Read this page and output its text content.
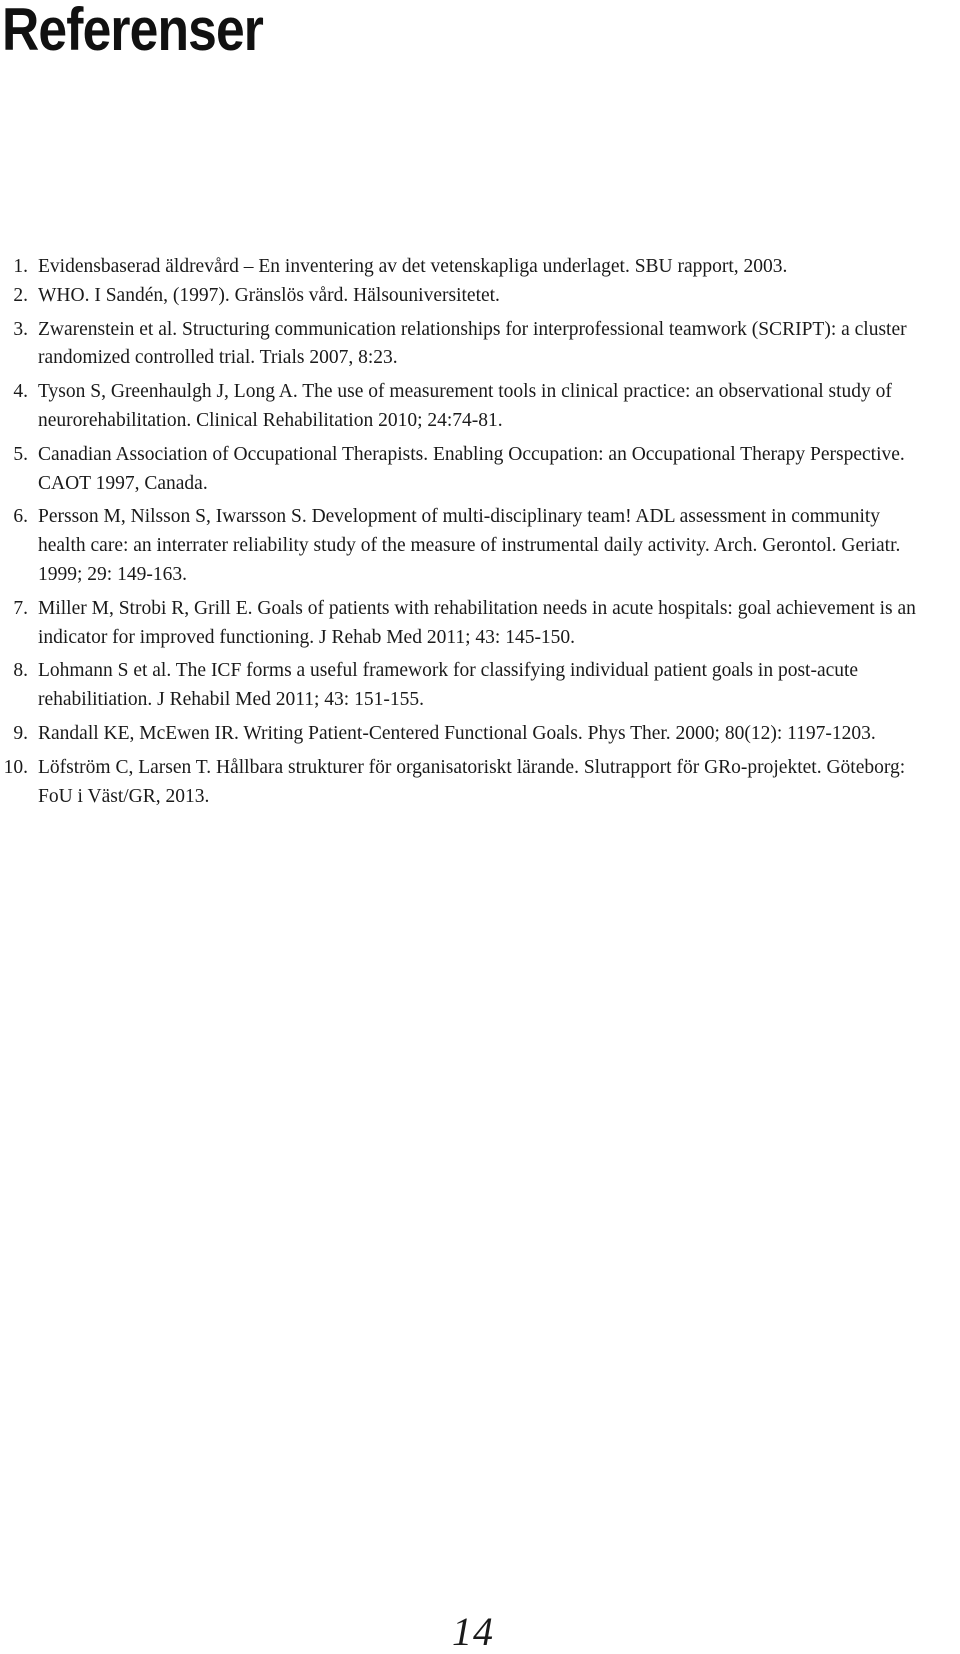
Referenser
1. Evidensbaserad äldrevård – En inventering av det vetenskapliga underlaget. SBU rapport, 2003.
2. WHO. I Sandén, (1997). Gränslös vård. Hälsouniversitetet.
3. Zwarenstein et al. Structuring communication relationships for interprofessional teamwork (SCRIPT): a cluster randomized controlled trial. Trials 2007, 8:23.
4. Tyson S, Greenhaulgh J, Long A. The use of measurement tools in clinical practice: an observational study of neurorehabilitation. Clinical Rehabilitation 2010; 24:74-81.
5. Canadian Association of Occupational Therapists. Enabling Occupation: an Occupational Therapy Perspective. CAOT 1997, Canada.
6. Persson M, Nilsson S, Iwarsson S. Development of multi-disciplinary team! ADL assessment in community health care: an interrater reliability study of the measure of instrumental daily activity. Arch. Gerontol. Geriatr. 1999; 29: 149-163.
7. Miller M, Strobi R, Grill E. Goals of patients with rehabilitation needs in acute hospitals: goal achievement is an indicator for improved functioning. J Rehab Med 2011; 43: 145-150.
8. Lohmann S et al. The ICF forms a useful framework for classifying individual patient goals in post-acute rehabilitiation. J Rehabil Med 2011; 43: 151-155.
9. Randall KE, McEwen IR. Writing Patient-Centered Functional Goals. Phys Ther. 2000; 80(12): 1197-1203.
10. Löfström C, Larsen T. Hållbara strukturer för organisatoriskt lärande. Slutrapport för GRo-projektet. Göteborg: FoU i Väst/GR, 2013.
14
